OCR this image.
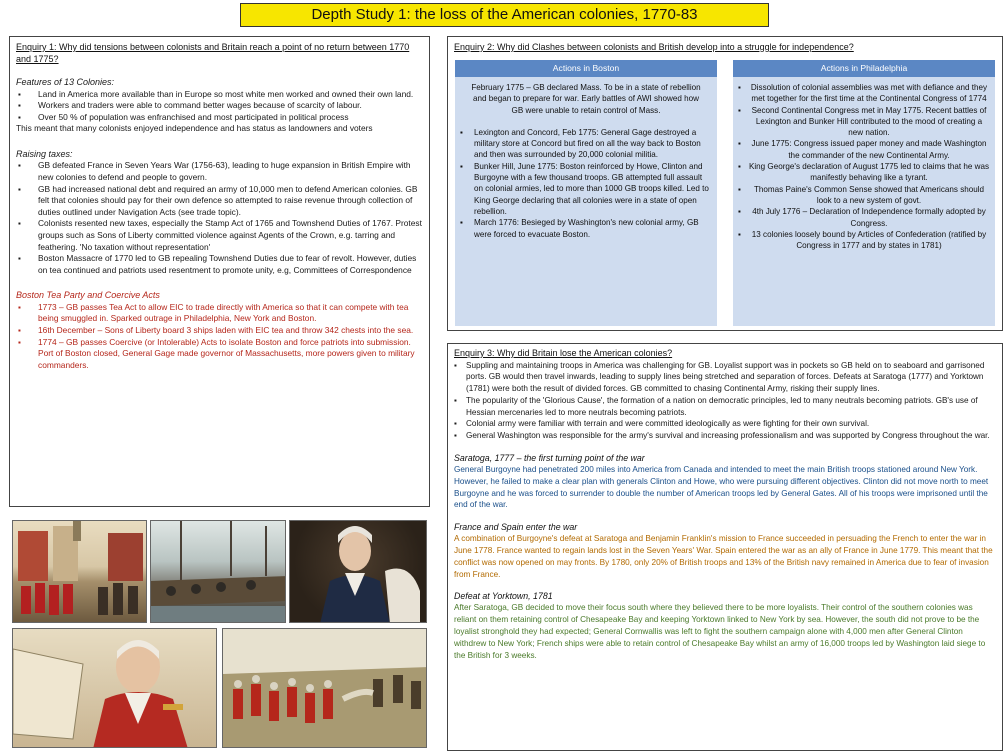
Depth Study 1: the loss of the American colonies, 1770-83
Enquiry 1: Why did tensions between colonists and Britain reach a point of no return between 1770 and 1775?
Features of 13 Colonies:
▪ Land in America more available than in Europe so most white men worked and owned their own land.
▪ Workers and traders were able to command better wages because of scarcity of labour.
▪ Over 50 % of population was enfranchised and most participated in political process
This meant that many colonists enjoyed independence and has status as landowners and voters
Raising taxes:
▪ GB defeated France in Seven Years War (1756-63), leading to huge expansion in British Empire with new colonies to defend and people to govern.
▪ GB had increased national debt and required an army of 10,000 men to defend American colonies. GB felt that colonies should pay for their own defence so attempted to raise revenue through collection of duties outlined under Navigation Acts (see trade topic).
▪ Colonists resented new taxes, especially the Stamp Act of 1765 and Townshend Duties of 1767. Protest groups such as Sons of Liberty committed violence against Agents of the Crown, e.g. tarring and feathering. 'No taxation without representation'
▪ Boston Massacre of 1770 led to GB repealing Townshend Duties due to fear of revolt. However, duties on tea continued and patriots used resentment to promote unity, e.g, Committees of Correspondence
Boston Tea Party and Coercive Acts
▪ 1773 – GB passes Tea Act to allow EIC to trade directly with America so that it can compete with tea being smuggled in. Sparked outrage in Philadelphia, New York and Boston.
▪ 16th December – Sons of Liberty board 3 ships laden with EIC tea and throw 342 chests into the sea.
▪ 1774 – GB passes Coercive (or Intolerable) Acts to isolate Boston and force patriots into submission. Port of Boston closed, General Gage made governor of Massachusetts, more powers given to military commanders.
Enquiry 2: Why did Clashes between colonists and British develop into a struggle for independence?
Actions in Boston	Actions in Philadelphia
February 1775 – GB declared Mass. To be in a state of rebellion and began to prepare for war. Early battles of AWI showed how GB were unable to retain control of Mass.
▪ Lexington and Concord, Feb 1775: General Gage destroyed a military store at Concord but fired on all the way back to Boston and then was surrounded by 20,000 colonial militia.
▪ Bunker Hill, June 1775: Boston reinforced by Howe, Clinton and Burgoyne with a few thousand troops. GB attempted full assault on colonial armies, led to more than 1000 GB troops killed. Led to King George declaring that all colonies were in a state of open rebellion.
▪ March 1776: Besieged by Washington's new colonial army, GB were forced to evacuate Boston.
▪ Dissolution of colonial assemblies was met with defiance and they met together for the first time at the Continental Congress of 1774
▪ Second Continental Congress met in May 1775. Recent battles of Lexington and Bunker Hill contributed to the mood of creating a new nation.
▪ June 1775: Congress issued paper money and made Washington the commander of the new Continental Army.
▪ King George's declaration of August 1775 led to claims that he was manifestly behaving like a tyrant.
▪ Thomas Paine's Common Sense showed that Americans should look to a new system of govt.
▪ 4th July 1776 – Declaration of Independence formally adopted by Congress.
▪ 13 colonies loosely bound by Articles of Confederation (ratified by Congress in 1777 and by states in 1781)
Enquiry 3: Why did Britain lose the American colonies?
▪ Suppling and maintaining troops in America was challenging for GB. Loyalist support was in pockets so GB held on to seaboard and garrisoned ports. GB would then travel inwards, leading to supply lines being stretched and separation of forces. Defeats at Saratoga (1777) and Yorktown (1781) were both the result of divided forces. GB committed to chasing Continental Army, risking their supply lines.
▪ The popularity of the 'Glorious Cause', the formation of a nation on democratic principles, led to many neutrals becoming patriots. GB's use of Hessian mercenaries led to more neutrals becoming patriots.
▪ Colonial army were familiar with terrain and were committed ideologically as were fighting for their own survival.
▪ General Washington was responsible for the army's survival and increasing professionalism and was supported by Congress throughout the war.
Saratoga, 1777 – the first turning point of the war
General Burgoyne had penetrated 200 miles into America from Canada and intended to meet the main British troops stationed around New York. However, he failed to make a clear plan with generals Clinton and Howe, who were pursuing different objectives. Clinton did not move north to meet Burgoyne and he was forced to surrender to double the number of American troops led by General Gates. All of his troops were imprisoned until the end of the war.
France and Spain enter the war
A combination of Burgoyne's defeat at Saratoga and Benjamin Franklin's mission to France succeeded in persuading the French to enter the war in June 1778. France wanted to regain lands lost in the Seven Years' War. Spain entered the war as an ally of France in June 1779. This meant that the conflict was now opened on may fronts. By 1780, only 20% of British troops and 13% of the British navy remained in America due to fear of invasion from France.
Defeat at Yorktown, 1781
After Saratoga, GB decided to move their focus south where they believed there to be more loyalists. Their control of the southern colonies was reliant on them retaining control of Chesapeake Bay and keeping Yorktown linked to New York by sea. However, the south did not prove to be the loyalist stronghold they had expected; General Cornwallis was left to fight the southern campaign alone with 4,000 men after General Clinton withdrew to New York; French ships were able to retain control of Chesapeake Bay whilst an army of 16,000 troops led by Washington laid siege to the British for 3 weeks.
